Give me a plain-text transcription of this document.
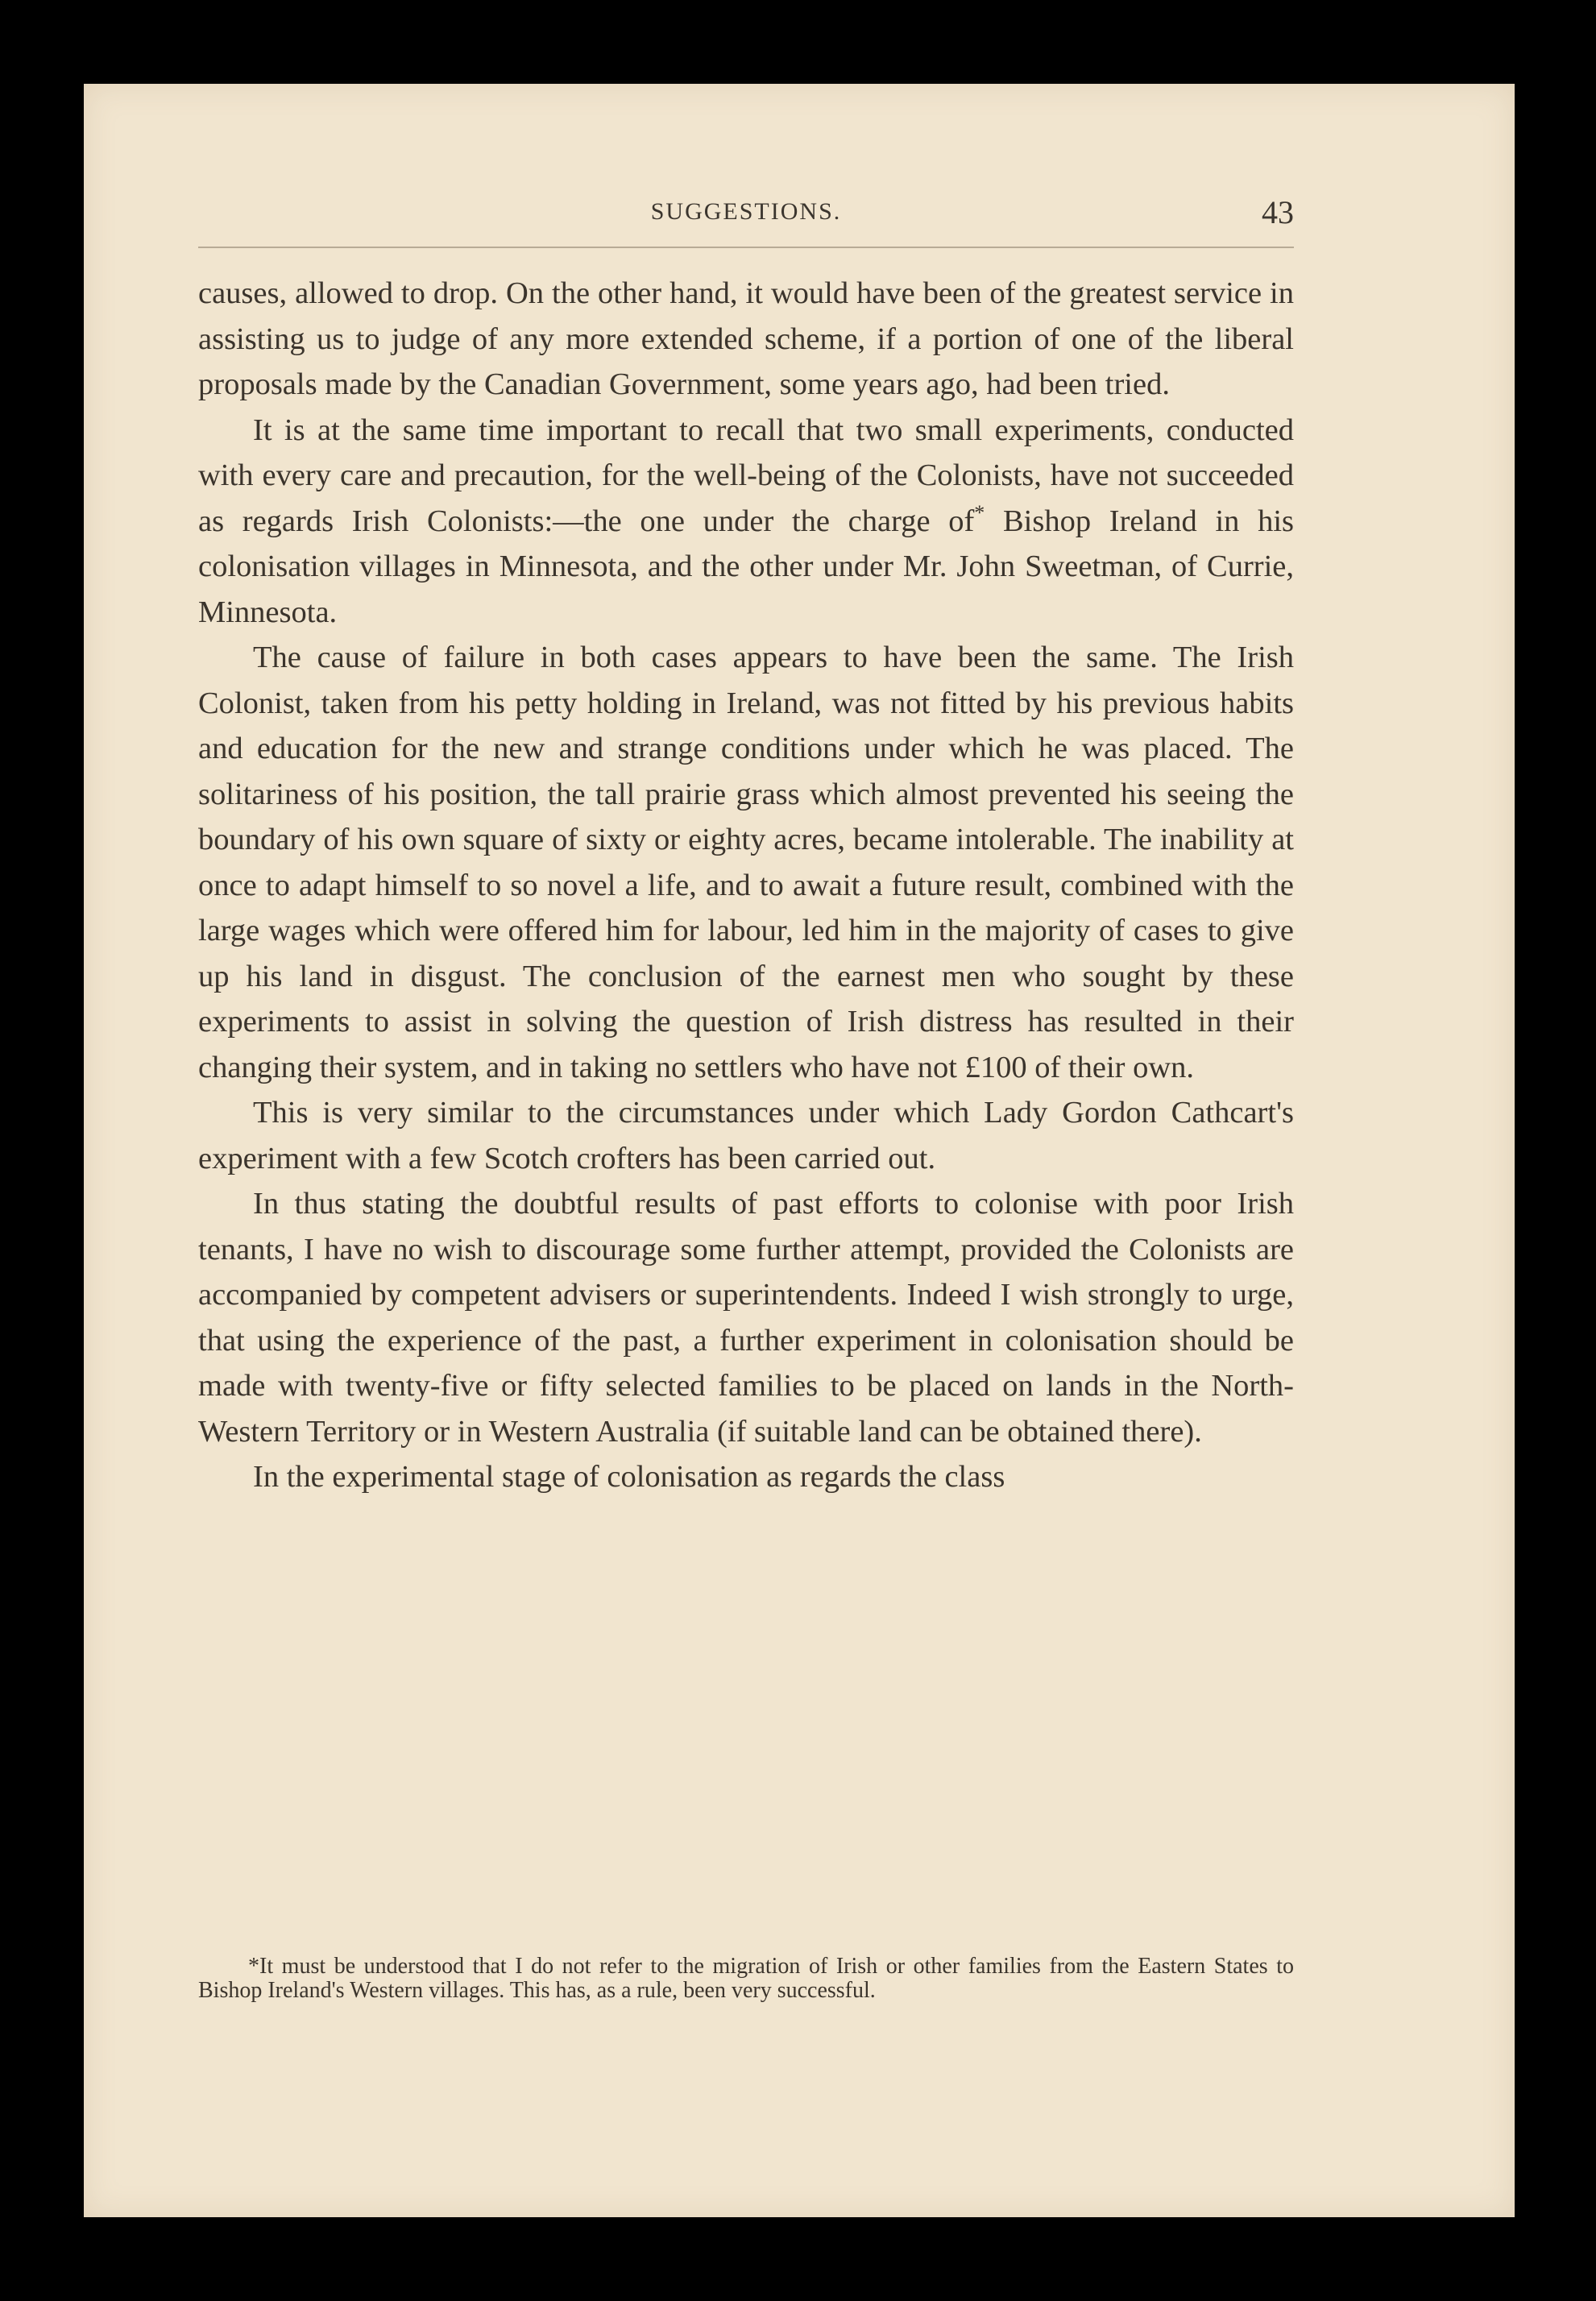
SUGGESTIONS.	43

causes, allowed to drop. On the other hand, it would have been of the greatest service in assisting us to judge of any more extended scheme, if a portion of one of the liberal proposals made by the Canadian Government, some years ago, had been tried.

It is at the same time important to recall that two small experiments, conducted with every care and precaution, for the well-being of the Colonists, have not succeeded as regards Irish Colonists:—the one under the charge of* Bishop Ireland in his colonisation villages in Minnesota, and the other under Mr. John Sweetman, of Currie, Minnesota.

The cause of failure in both cases appears to have been the same. The Irish Colonist, taken from his petty holding in Ireland, was not fitted by his previous habits and education for the new and strange conditions under which he was placed. The solitariness of his position, the tall prairie grass which almost prevented his seeing the boundary of his own square of sixty or eighty acres, became intolerable. The inability at once to adapt himself to so novel a life, and to await a future result, combined with the large wages which were offered him for labour, led him in the majority of cases to give up his land in disgust. The conclusion of the earnest men who sought by these experiments to assist in solving the question of Irish distress has resulted in their changing their system, and in taking no settlers who have not £100 of their own.

This is very similar to the circumstances under which Lady Gordon Cathcart's experiment with a few Scotch crofters has been carried out.

In thus stating the doubtful results of past efforts to colonise with poor Irish tenants, I have no wish to discourage some further attempt, provided the Colonists are accompanied by competent advisers or superintendents. Indeed I wish strongly to urge, that using the experience of the past, a further experiment in colonisation should be made with twenty-five or fifty selected families to be placed on lands in the North-Western Territory or in Western Australia (if suitable land can be obtained there).

In the experimental stage of colonisation as regards the class

*It must be understood that I do not refer to the migration of Irish or other families from the Eastern States to Bishop Ireland's Western villages. This has, as a rule, been very successful.
